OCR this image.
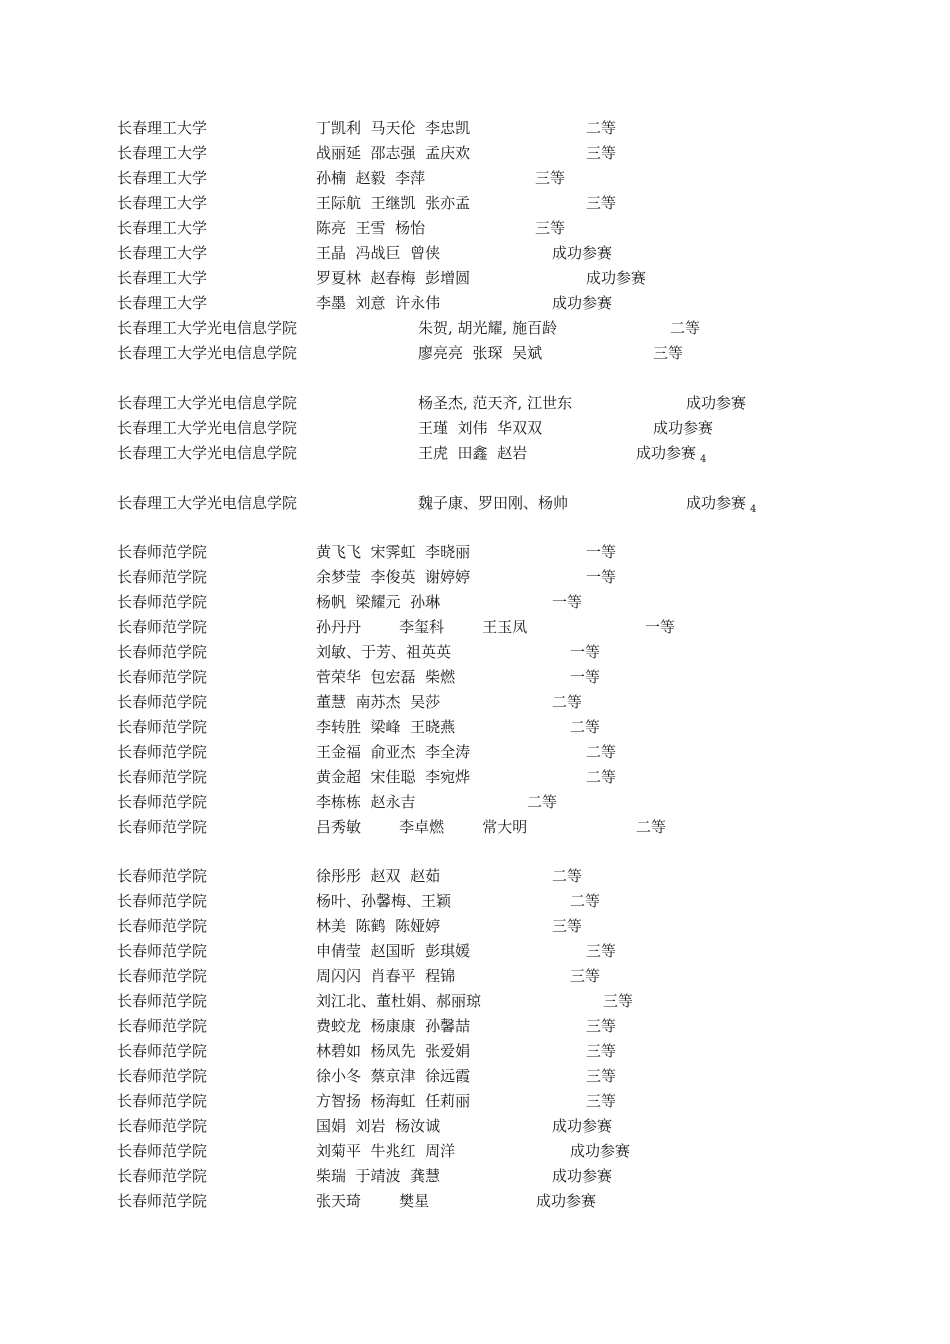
长春理工大学	丁凯利  马天伦  李忠凯	二等
长春理工大学	战丽延  邵志强  孟庆欢	三等
长春理工大学	孙楠  赵毅  李萍	三等
长春理工大学	王际航  王继凯  张亦孟	三等
长春理工大学	陈亮  王雪  杨怡	三等
长春理工大学	王晶  冯战巨  曾侠	成功参赛
长春理工大学	罗夏林  赵春梅  彭增圆	成功参赛
长春理工大学	李墨  刘意  许永伟	成功参赛
长春理工大学光电信息学院	朱贺, 胡光耀, 施百龄	二等
长春理工大学光电信息学院	廖亮亮  张琛  吴斌	三等
长春理工大学光电信息学院	杨圣杰, 范天齐, 江世东	成功参赛
长春理工大学光电信息学院	王瑾  刘伟  华双双	成功参赛
长春理工大学光电信息学院	王虎  田鑫  赵岩	成功参赛 $_4$
长春理工大学光电信息学院	魏子康、罗田刚、杨帅	成功参赛 $_4$
长春师范学院	黄飞飞  宋霁虹  李晓丽	一等
长春师范学院	余梦莹  李俊英  谢婷婷	一等
长春师范学院	杨帆  梁耀元  孙琳	一等
长春师范学院	孙丹丹        李玺科        王玉凤	一等
长春师范学院	刘敏、于芳、祖英英	一等
长春师范学院	菅荣华  包宏磊  柴燃	一等
长春师范学院	董慧  南苏杰  吴莎	二等
长春师范学院	李转胜  梁峰  王晓燕	二等
长春师范学院	王金福  俞亚杰  李全涛	二等
长春师范学院	黄金超  宋佳聪  李宛烨	二等
长春师范学院	李栋栋  赵永吉	二等
长春师范学院	吕秀敏        李卓燃        常大明	二等
长春师范学院	徐彤彤  赵双  赵茹	二等
长春师范学院	杨叶、孙馨梅、王颖	二等
长春师范学院	林美  陈鹤  陈娅婷	三等
长春师范学院	申倩莹  赵国昕  彭琪媛	三等
长春师范学院	周闪闪  肖春平  程锦	三等
长春师范学院	刘江北、董杜娟、郝丽琼	三等
长春师范学院	费蛟龙  杨康康  孙馨喆	三等
长春师范学院	林碧如  杨凤先  张爱娟	三等
长春师范学院	徐小冬  蔡京津  徐远霞	三等
长春师范学院	方智扬  杨海虹  任莉丽	三等
长春师范学院	国娟  刘岩  杨汝诚	成功参赛
长春师范学院	刘菊平  牛兆红  周洋	成功参赛
长春师范学院	柴瑞  于靖波  龚慧	成功参赛
长春师范学院	张天琦        樊星	成功参赛
